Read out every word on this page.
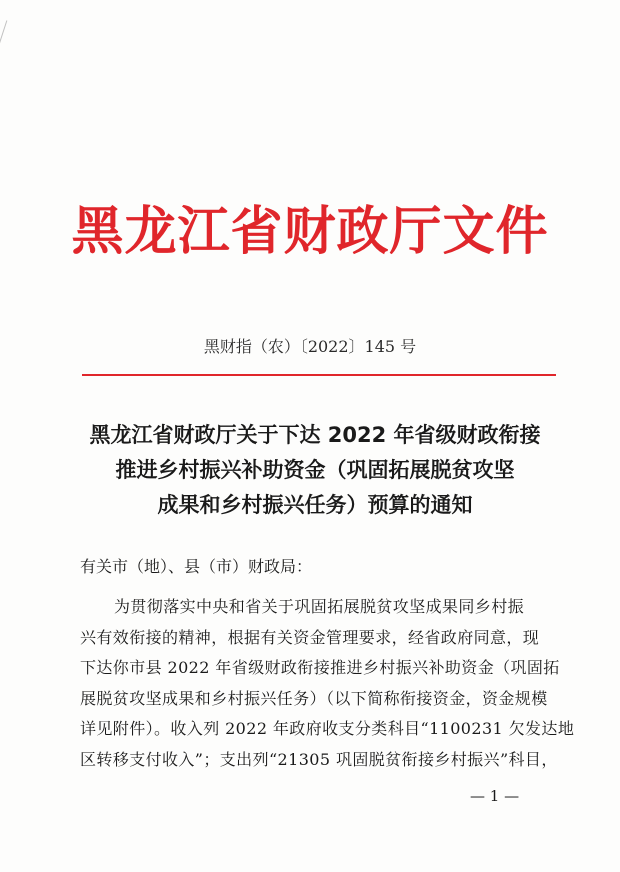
黑龙江省财政厅文件
黑财指（农）〔2022〕145 号
黑龙江省财政厅关于下达 2022 年省级财政衔接
推进乡村振兴补助资金（巩固拓展脱贫攻坚
成果和乡村振兴任务）预算的通知
有关市（地）、县（市）财政局：
为贯彻落实中央和省关于巩固拓展脱贫攻坚成果同乡村振
兴有效衔接的精神，根据有关资金管理要求，经省政府同意，现
下达你市县 2022 年省级财政衔接推进乡村振兴补助资金（巩固拓
展脱贫攻坚成果和乡村振兴任务）（以下简称衔接资金，资金规模
详见附件）。收入列 2022 年政府收支分类科目“1100231 欠发达地
区转移支付收入”；支出列“21305 巩固脱贫衔接乡村振兴”科目，
— 1 —
